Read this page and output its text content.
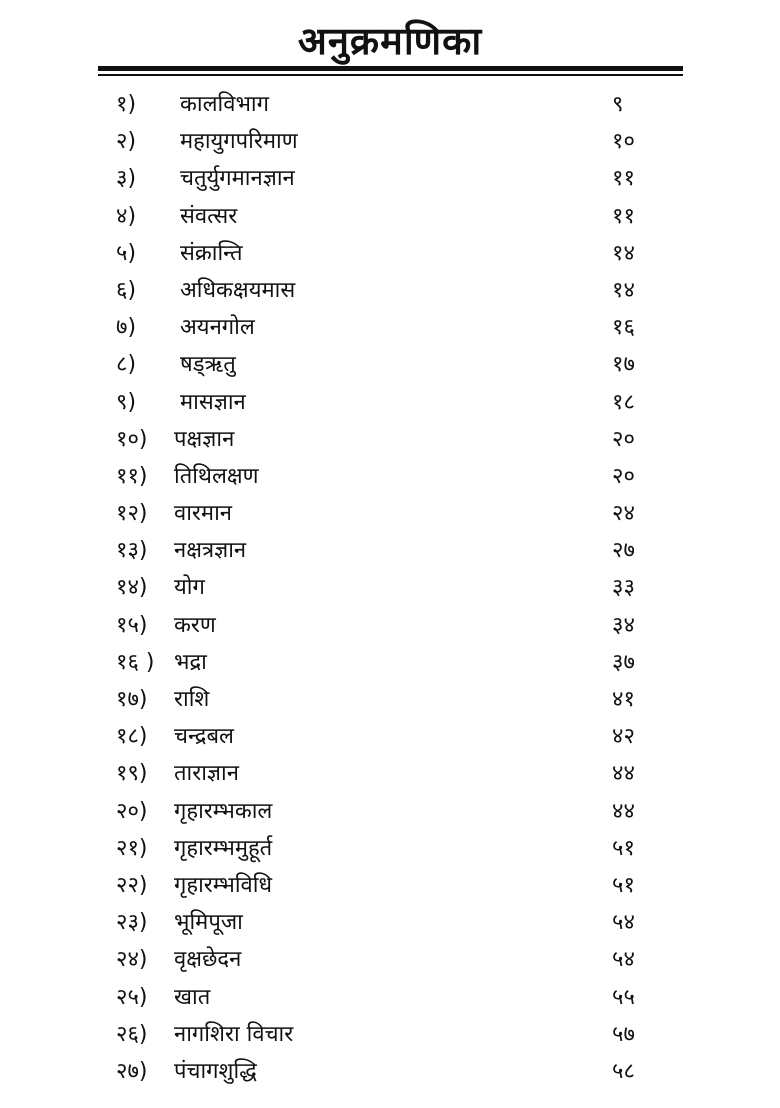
अनुक्रमणिका
१) कालविभाग	९
२) महायुगपरिमाण	१०
३) चतुर्युगमानज्ञान	११
४) संवत्सर	११
५) संक्रान्ति	१४
६) अधिकक्षयमास	१४
७) अयनगोल	१६
८) षड्ऋतु	१७
९) मासज्ञान	१८
१०) पक्षज्ञान	२०
११) तिथिलक्षण	२०
१२) वारमान	२४
१३) नक्षत्रज्ञान	२७
१४) योग	३३
१५) करण	३४
१६ ) भद्रा	३७
१७) राशि	४१
१८) चन्द्रबल	४२
१९) ताराज्ञान	४४
२०) गृहारम्भकाल	४४
२१) गृहारम्भमुहूर्त	५१
२२) गृहारम्भविधि	५१
२३) भूमिपूजा	५४
२४) वृक्षछेदन	५४
२५) खात	५५
२६) नागशिरा विचार	५७
२७) पंचागशुद्धि	५८
